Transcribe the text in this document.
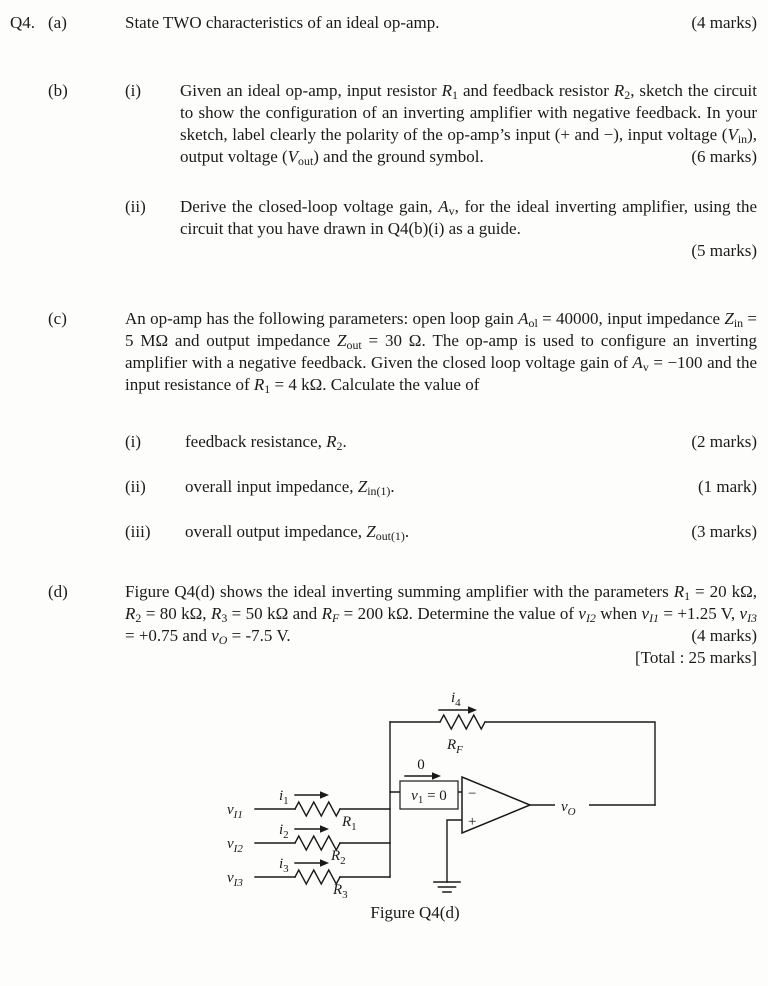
Q4. (a)	State TWO characteristics of an ideal op-amp.	(4 marks)
(b)	(i)	Given an ideal op-amp, input resistor $R_1$ and feedback resistor $R_2$, sketch the circuit to show the configuration of an inverting amplifier with negative feedback. In your sketch, label clearly the polarity of the op-amp’s input (+ and −), input voltage $(V_{in})$, output voltage $(V_{out})$ and the ground symbol.	(6 marks)
(ii)	Derive the closed-loop voltage gain, $A_v$, for the ideal inverting amplifier, using the circuit that you have drawn in Q4(b)(i) as a guide.

(5 marks)
(c)	An op-amp has the following parameters: open loop gain $A_{ol} = 40000$, input impedance $Z_{in} = 5$ MΩ and output impedance $Z_{out} = 30$ Ω. The op-amp is used to configure an inverting amplifier with a negative feedback. Given the closed loop voltage gain of $A_v = -100$ and the input resistance of $R_1 = 4$ kΩ. Calculate the value of

(i)	feedback resistance, $R_2$.	(2 marks)
(ii)	overall input impedance, $Z_{in(1)}$.	(1 mark)
(iii)	overall output impedance, $Z_{out(1)}$.	(3 marks)
(d)	Figure Q4(d) shows the ideal inverting summing amplifier with the parameters $R_1 = 20$ kΩ, $R_2 = 80$ kΩ, $R_3 = 50$ kΩ and $R_F = 200$ kΩ. Determine the value of $v_{I2}$ when $v_{I1} = +1.25$ V, $v_{I3} = +0.75$ and $v_O = -7.5$ V.	(4 marks)
[Total : 25 marks]
−
+
$v_1 = 0$
0
$v_O$
$v_{I1}$
$v_{I2}$
$v_{I3}$
$i_1$
$i_2$
$i_3$
$i_4$
$R_1$
$R_2$
$R_3$
$R_F$
Figure Q4(d)
